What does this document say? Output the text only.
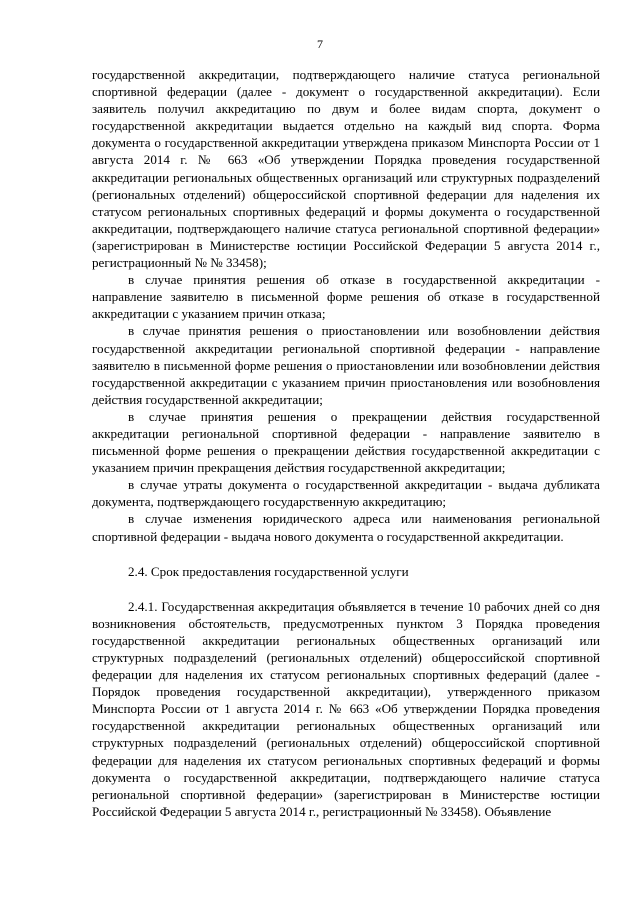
7

государственной аккредитации, подтверждающего наличие статуса региональной спортивной федерации (далее - документ о государственной аккредитации). Если заявитель получил аккредитацию по двум и более видам спорта, документ о государственной аккредитации выдается отдельно на каждый вид спорта. Форма документа о государственной аккредитации утверждена приказом Минспорта России от 1 августа 2014 г. № 663 «Об утверждении Порядка проведения государственной аккредитации региональных общественных организаций или структурных подразделений (региональных отделений) общероссийской спортивной федерации для наделения их статусом региональных спортивных федераций и формы документа о государственной аккредитации, подтверждающего наличие статуса региональной спортивной федерации» (зарегистрирован в Министерстве юстиции Российской Федерации 5 августа 2014 г., регистрационный № № 33458);

в случае принятия решения об отказе в государственной аккредитации - направление заявителю в письменной форме решения об отказе в государственной аккредитации с указанием причин отказа;

в случае принятия решения о приостановлении или возобновлении действия государственной аккредитации региональной спортивной федерации - направление заявителю в письменной форме решения о приостановлении или возобновлении действия государственной аккредитации с указанием причин приостановления или возобновления действия государственной аккредитации;

в случае принятия решения о прекращении действия государственной аккредитации региональной спортивной федерации - направление заявителю в письменной форме решения о прекращении действия государственной аккредитации с указанием причин прекращения действия государственной аккредитации;

в случае утраты документа о государственной аккредитации - выдача дубликата документа, подтверждающего государственную аккредитацию;

в случае изменения юридического адреса или наименования региональной спортивной федерации - выдача нового документа о государственной аккредитации.

2.4. Срок предоставления государственной услуги

2.4.1. Государственная аккредитация объявляется в течение 10 рабочих дней со дня возникновения обстоятельств, предусмотренных пунктом 3 Порядка проведения государственной аккредитации региональных общественных организаций или структурных подразделений (региональных отделений) общероссийской спортивной федерации для наделения их статусом региональных спортивных федераций (далее - Порядок проведения государственной аккредитации), утвержденного приказом Минспорта России от 1 августа 2014 г. № 663 «Об утверждении Порядка проведения государственной аккредитации региональных общественных организаций или структурных подразделений (региональных отделений) общероссийской спортивной федерации для наделения их статусом региональных спортивных федераций и формы документа о государственной аккредитации, подтверждающего наличие статуса региональной спортивной федерации» (зарегистрирован в Министерстве юстиции Российской Федерации 5 августа 2014 г., регистрационный № 33458). Объявление
